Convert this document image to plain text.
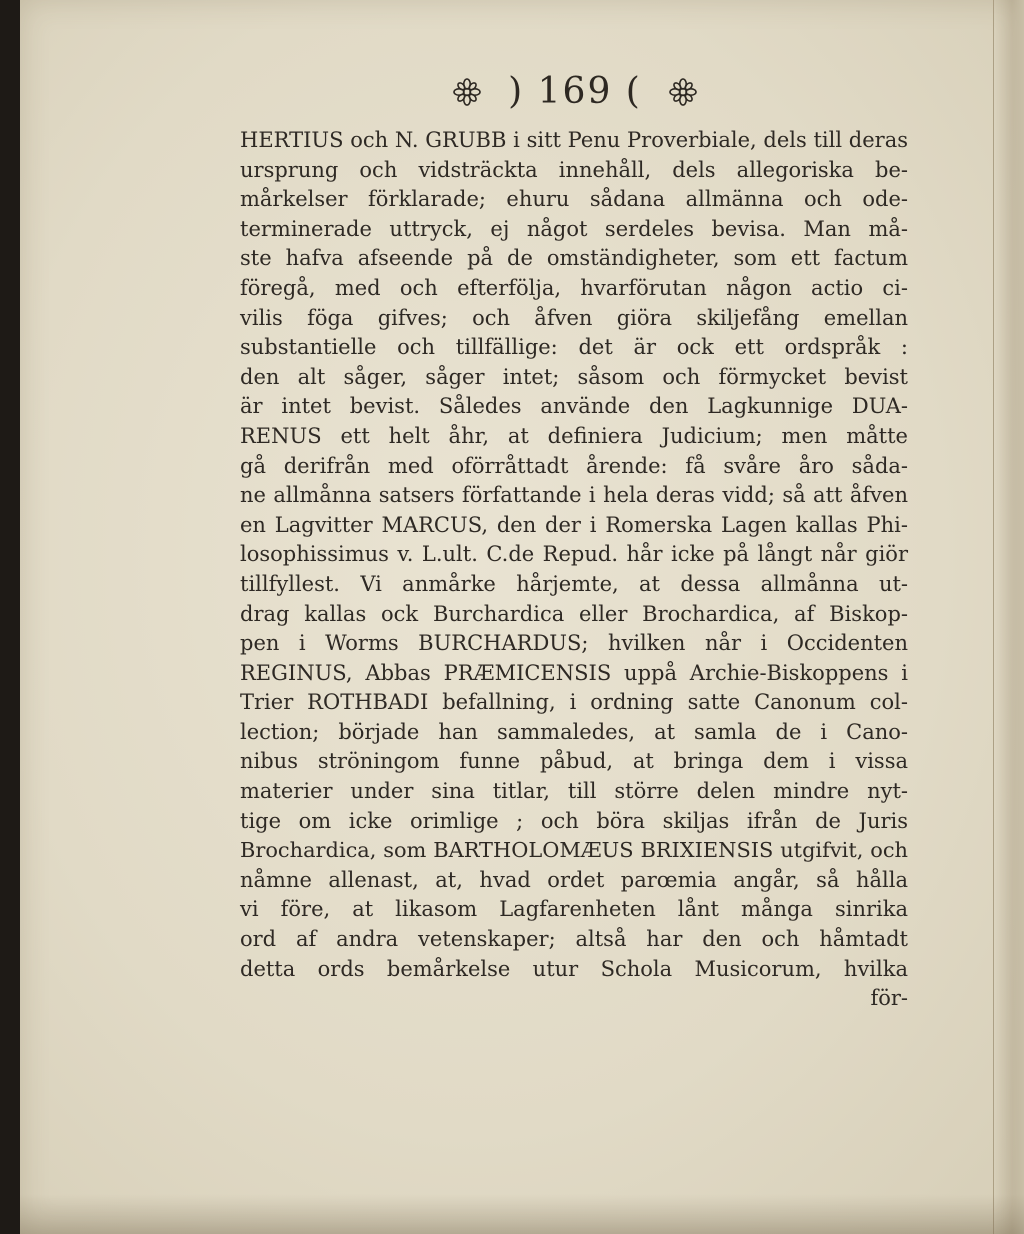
) 169 (
HERTIUS och N. GRUBB i sitt Penu Proverbiale, dels till deras
ursprung och vidsträckta innehåll, dels allegoriska be-
mårkelser förklarade; ehuru sådana allmänna och ode-
terminerade uttryck, ej något serdeles bevisa. Man må-
ste hafva afseende på de omständigheter, som ett factum
föregå, med och efterfölja, hvarförutan någon actio ci-
vilis föga gifves; och åfven giöra skiljefång emellan
substantielle och tillfällige: det är ock ett ordspråk :
den alt såger, såger intet; såsom och förmycket bevist
är intet bevist. Således använde den Lagkunnige DUA-
RENUS ett helt åhr, at definiera Judicium; men måtte
gå derifrån med oförråttadt årende: få svåre åro såda-
ne allmånna satsers författande i hela deras vidd; så att åfven
en Lagvitter MARCUS, den der i Romerska Lagen kallas Phi-
losophissimus v. L.ult. C.de Repud. hår icke på långt når giör
tillfyllest. Vi anmårke hårjemte, at dessa allmånna ut-
drag kallas ock Burchardica eller Brochardica, af Biskop-
pen i Worms BURCHARDUS; hvilken når i Occidenten
REGINUS, Abbas PRÆMICENSIS uppå Archie-Biskoppens i
Trier ROTHBADI befallning, i ordning satte Canonum col-
lection; började han sammaledes, at samla de i Cano-
nibus ströningom funne påbud, at bringa dem i vissa
materier under sina titlar, till större delen mindre nyt-
tige om icke orimlige ; och böra skiljas ifrån de Juris
Brochardica, som BARTHOLOMÆUS BRIXIENSIS utgifvit, och
nåmne allenast, at, hvad ordet parœmia angår, så hålla
vi före, at likasom Lagfarenheten lånt många sinrika
ord af andra vetenskaper; altså har den och håmtadt
detta ords bemårkelse utur Schola Musicorum, hvilka
för-
